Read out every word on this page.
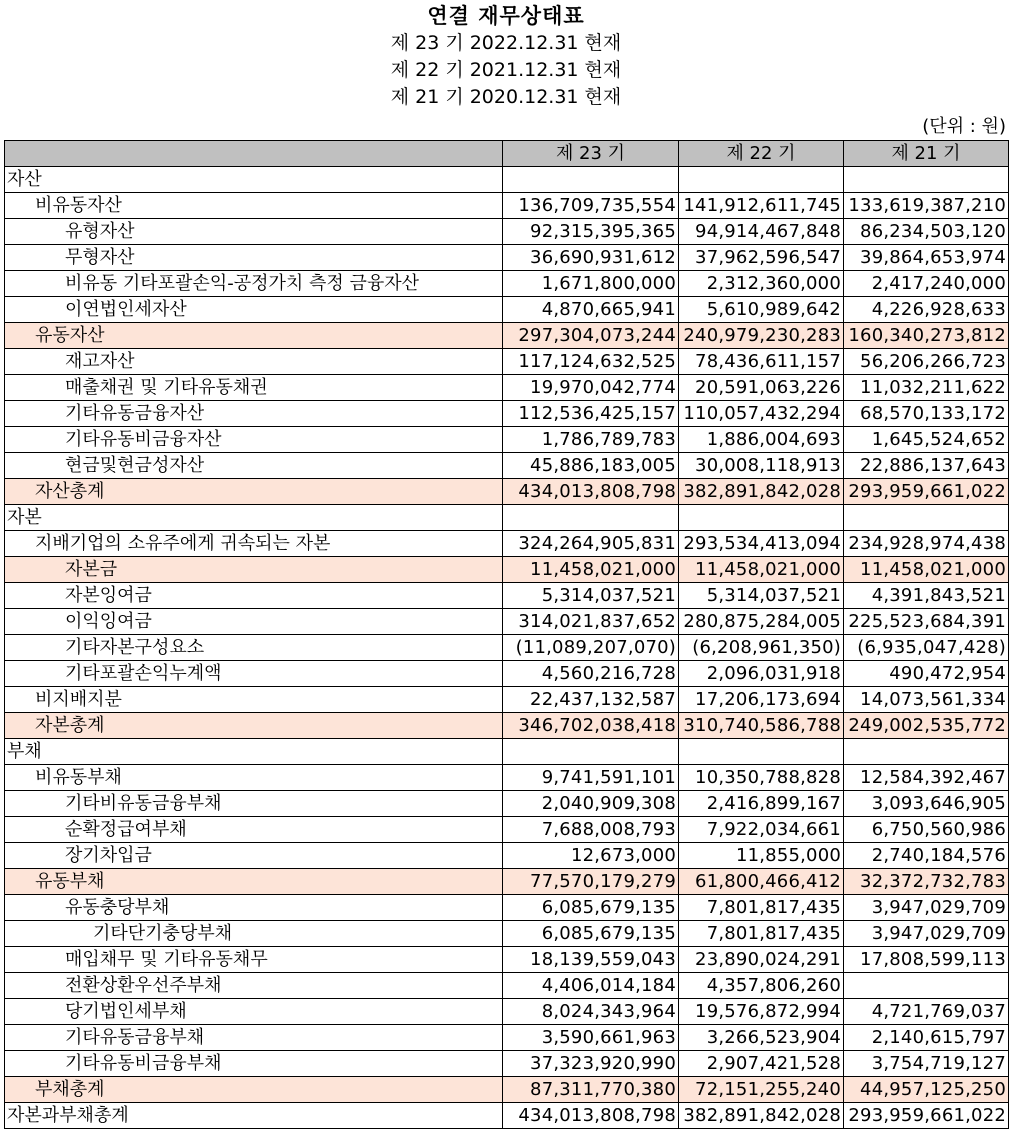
연결 재무상태표
제 23 기 2022.12.31 현재
제 22 기 2021.12.31 현재
제 21 기 2020.12.31 현재
(단위 : 원)
	제 23 기	제 22 기	제 21 기
자산			
비유동자산	136,709,735,554	141,912,611,745	133,619,387,210
유형자산	92,315,395,365	94,914,467,848	86,234,503,120
무형자산	36,690,931,612	37,962,596,547	39,864,653,974
비유동 기타포괄손익-공정가치 측정 금융자산	1,671,800,000	2,312,360,000	2,417,240,000
이연법인세자산	4,870,665,941	5,610,989,642	4,226,928,633
유동자산	297,304,073,244	240,979,230,283	160,340,273,812
재고자산	117,124,632,525	78,436,611,157	56,206,266,723
매출채권 및 기타유동채권	19,970,042,774	20,591,063,226	11,032,211,622
기타유동금융자산	112,536,425,157	110,057,432,294	68,570,133,172
기타유동비금융자산	1,786,789,783	1,886,004,693	1,645,524,652
현금및현금성자산	45,886,183,005	30,008,118,913	22,886,137,643
자산총계	434,013,808,798	382,891,842,028	293,959,661,022
자본			
지배기업의 소유주에게 귀속되는 자본	324,264,905,831	293,534,413,094	234,928,974,438
자본금	11,458,021,000	11,458,021,000	11,458,021,000
자본잉여금	5,314,037,521	5,314,037,521	4,391,843,521
이익잉여금	314,021,837,652	280,875,284,005	225,523,684,391
기타자본구성요소	(11,089,207,070)	(6,208,961,350)	(6,935,047,428)
기타포괄손익누계액	4,560,216,728	2,096,031,918	490,472,954
비지배지분	22,437,132,587	17,206,173,694	14,073,561,334
자본총계	346,702,038,418	310,740,586,788	249,002,535,772
부채			
비유동부채	9,741,591,101	10,350,788,828	12,584,392,467
기타비유동금융부채	2,040,909,308	2,416,899,167	3,093,646,905
순확정급여부채	7,688,008,793	7,922,034,661	6,750,560,986
장기차입금	12,673,000	11,855,000	2,740,184,576
유동부채	77,570,179,279	61,800,466,412	32,372,732,783
유동충당부채	6,085,679,135	7,801,817,435	3,947,029,709
기타단기충당부채	6,085,679,135	7,801,817,435	3,947,029,709
매입채무 및 기타유동채무	18,139,559,043	23,890,024,291	17,808,599,113
전환상환우선주부채	4,406,014,184	4,357,806,260	
당기법인세부채	8,024,343,964	19,576,872,994	4,721,769,037
기타유동금융부채	3,590,661,963	3,266,523,904	2,140,615,797
기타유동비금융부채	37,323,920,990	2,907,421,528	3,754,719,127
부채총계	87,311,770,380	72,151,255,240	44,957,125,250
자본과부채총계	434,013,808,798	382,891,842,028	293,959,661,022
